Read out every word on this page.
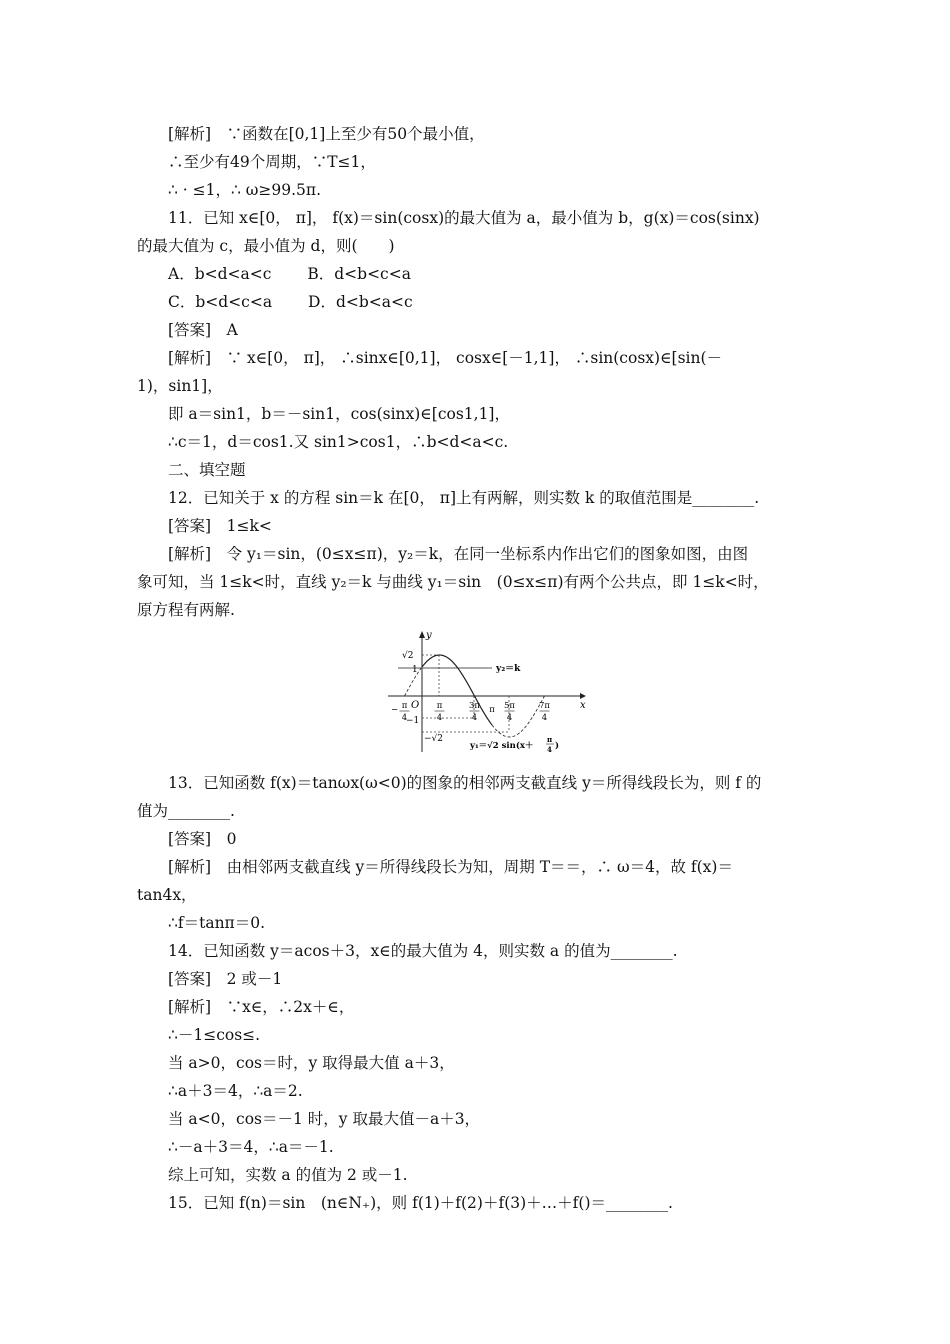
[解析]　∵函数在[0,1]上至少有50个最小值，
∴至少有49个周期，∵T≤1，
∴ · ≤1，∴ ω≥99.5π.
11．已知 x∈[0， π]， f(x)＝sin(cosx)的最大值为 a，最小值为 b，g(x)＝cos(sinx)
的最大值为 c，最小值为 d，则(　　)
A．b<d<a<c　　 B．d<b<c<a
C．b<d<c<a　　 D．d<b<a<c
[答案]　A
[解析]　∵ x∈[0， π]， ∴sinx∈[0,1]， cosx∈[－1,1]， ∴sin(cosx)∈[sin(－
1)，sin1]，
即 a＝sin1，b＝－sin1，cos(sinx)∈[cos1,1]，
∴c＝1，d＝cos1.又 sin1>cos1，∴b<d<a<c.
二、填空题
12．已知关于 x 的方程 sin＝k 在[0， π]上有两解，则实数 k 的取值范围是________.
[答案]　1≤k<
[解析]　令 y₁＝sin，(0≤x≤π)，y₂＝k，在同一坐标系内作出它们的图象如图，由图
象可知，当 1≤k<时，直线 y₂＝k 与曲线 y₁＝sin　(0≤x≤π)有两个公共点，即 1≤k<时，
原方程有两解.
13．已知函数 f(x)＝tanωx(ω<0)的图象的相邻两支截直线 y＝所得线段长为，则 f 的
值为________.
[答案]　0
[解析]　由相邻两支截直线 y＝所得线段长为知，周期 T＝＝，∴ ω＝4，故 f(x)＝
tan4x，
∴f＝tanπ＝0.
14．已知函数 y＝acos＋3，x∈的最大值为 4，则实数 a 的值为________.
[答案]　2 或－1
[解析]　∵x∈，∴2x＋∈，
∴－1≤cos≤.
当 a>0，cos＝时，y 取得最大值 a＋3，
∴a＋3＝4，∴a＝2.
当 a<0，cos＝－1 时，y 取最大值－a＋3，
∴－a＋3＝4，∴a＝－1.
综上可知，实数 a 的值为 2 或－1.
15．已知 f(n)＝sin　(n∈N₊)，则 f(1)＋f(2)＋f(3)＋…＋f()＝________.
y
x
O
√2
1
−1
−√2
y₂＝k
π
4
−	π
4
3π
4
π 5π
4
7π
4
y₁＝√2 sin(x＋
π
4 )
